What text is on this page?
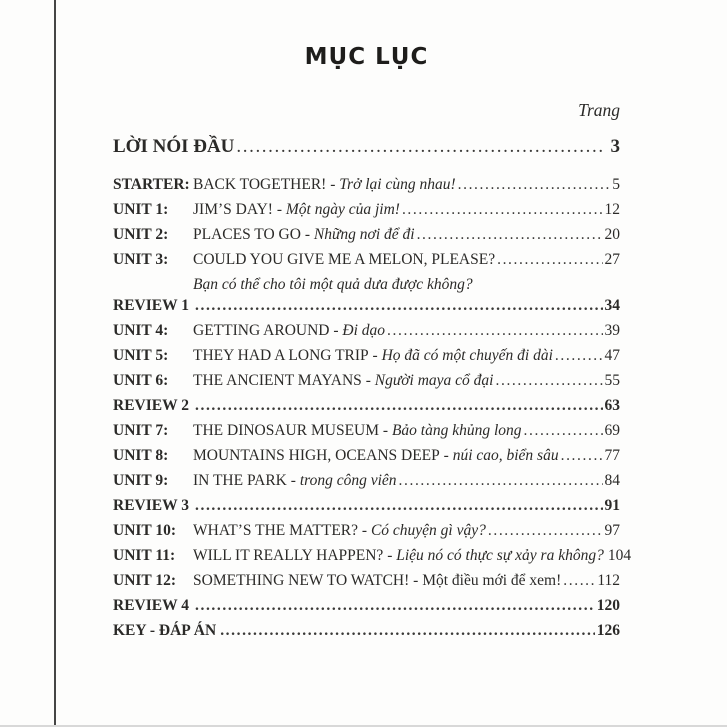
MỤC LỤC
Trang
LỜI NÓI ĐẦU .....	3
STARTER: BACK TOGETHER! - Trở lại cùng nhau! .....	5
UNIT 1:	JIM’S DAY! - Một ngày của jim! .....	12
UNIT 2:	PLACES TO GO - Những nơi để đi .....	20
UNIT 3:	COULD YOU GIVE ME A MELON, PLEASE? .....	27
Bạn có thể cho tôi một quả dưa được không?
REVIEW 1 .....	34
UNIT 4:	GETTING AROUND - Đi dạo .....	39
UNIT 5:	THEY HAD A LONG TRIP - Họ đã có một chuyến đi dài .....	47
UNIT 6:	THE ANCIENT MAYANS - Người maya cổ đại .....	55
REVIEW 2 .....	63
UNIT 7:	THE DINOSAUR MUSEUM - Bảo tàng khủng long .....	69
UNIT 8:	MOUNTAINS HIGH, OCEANS DEEP - núi cao, biển sâu .....	77
UNIT 9:	IN THE PARK - trong công viên .....	84
REVIEW 3 .....	91
UNIT 10:	WHAT’S THE MATTER? - Có chuyện gì vậy? .....	97
UNIT 11:	WILL IT REALLY HAPPEN? - Liệu nó có thực sự xảy ra không? 104
UNIT 12:	SOMETHING NEW TO WATCH! - Một điều mới để xem! ..... 112
REVIEW 4 .....	120
KEY - ĐÁP ÁN .....	126
